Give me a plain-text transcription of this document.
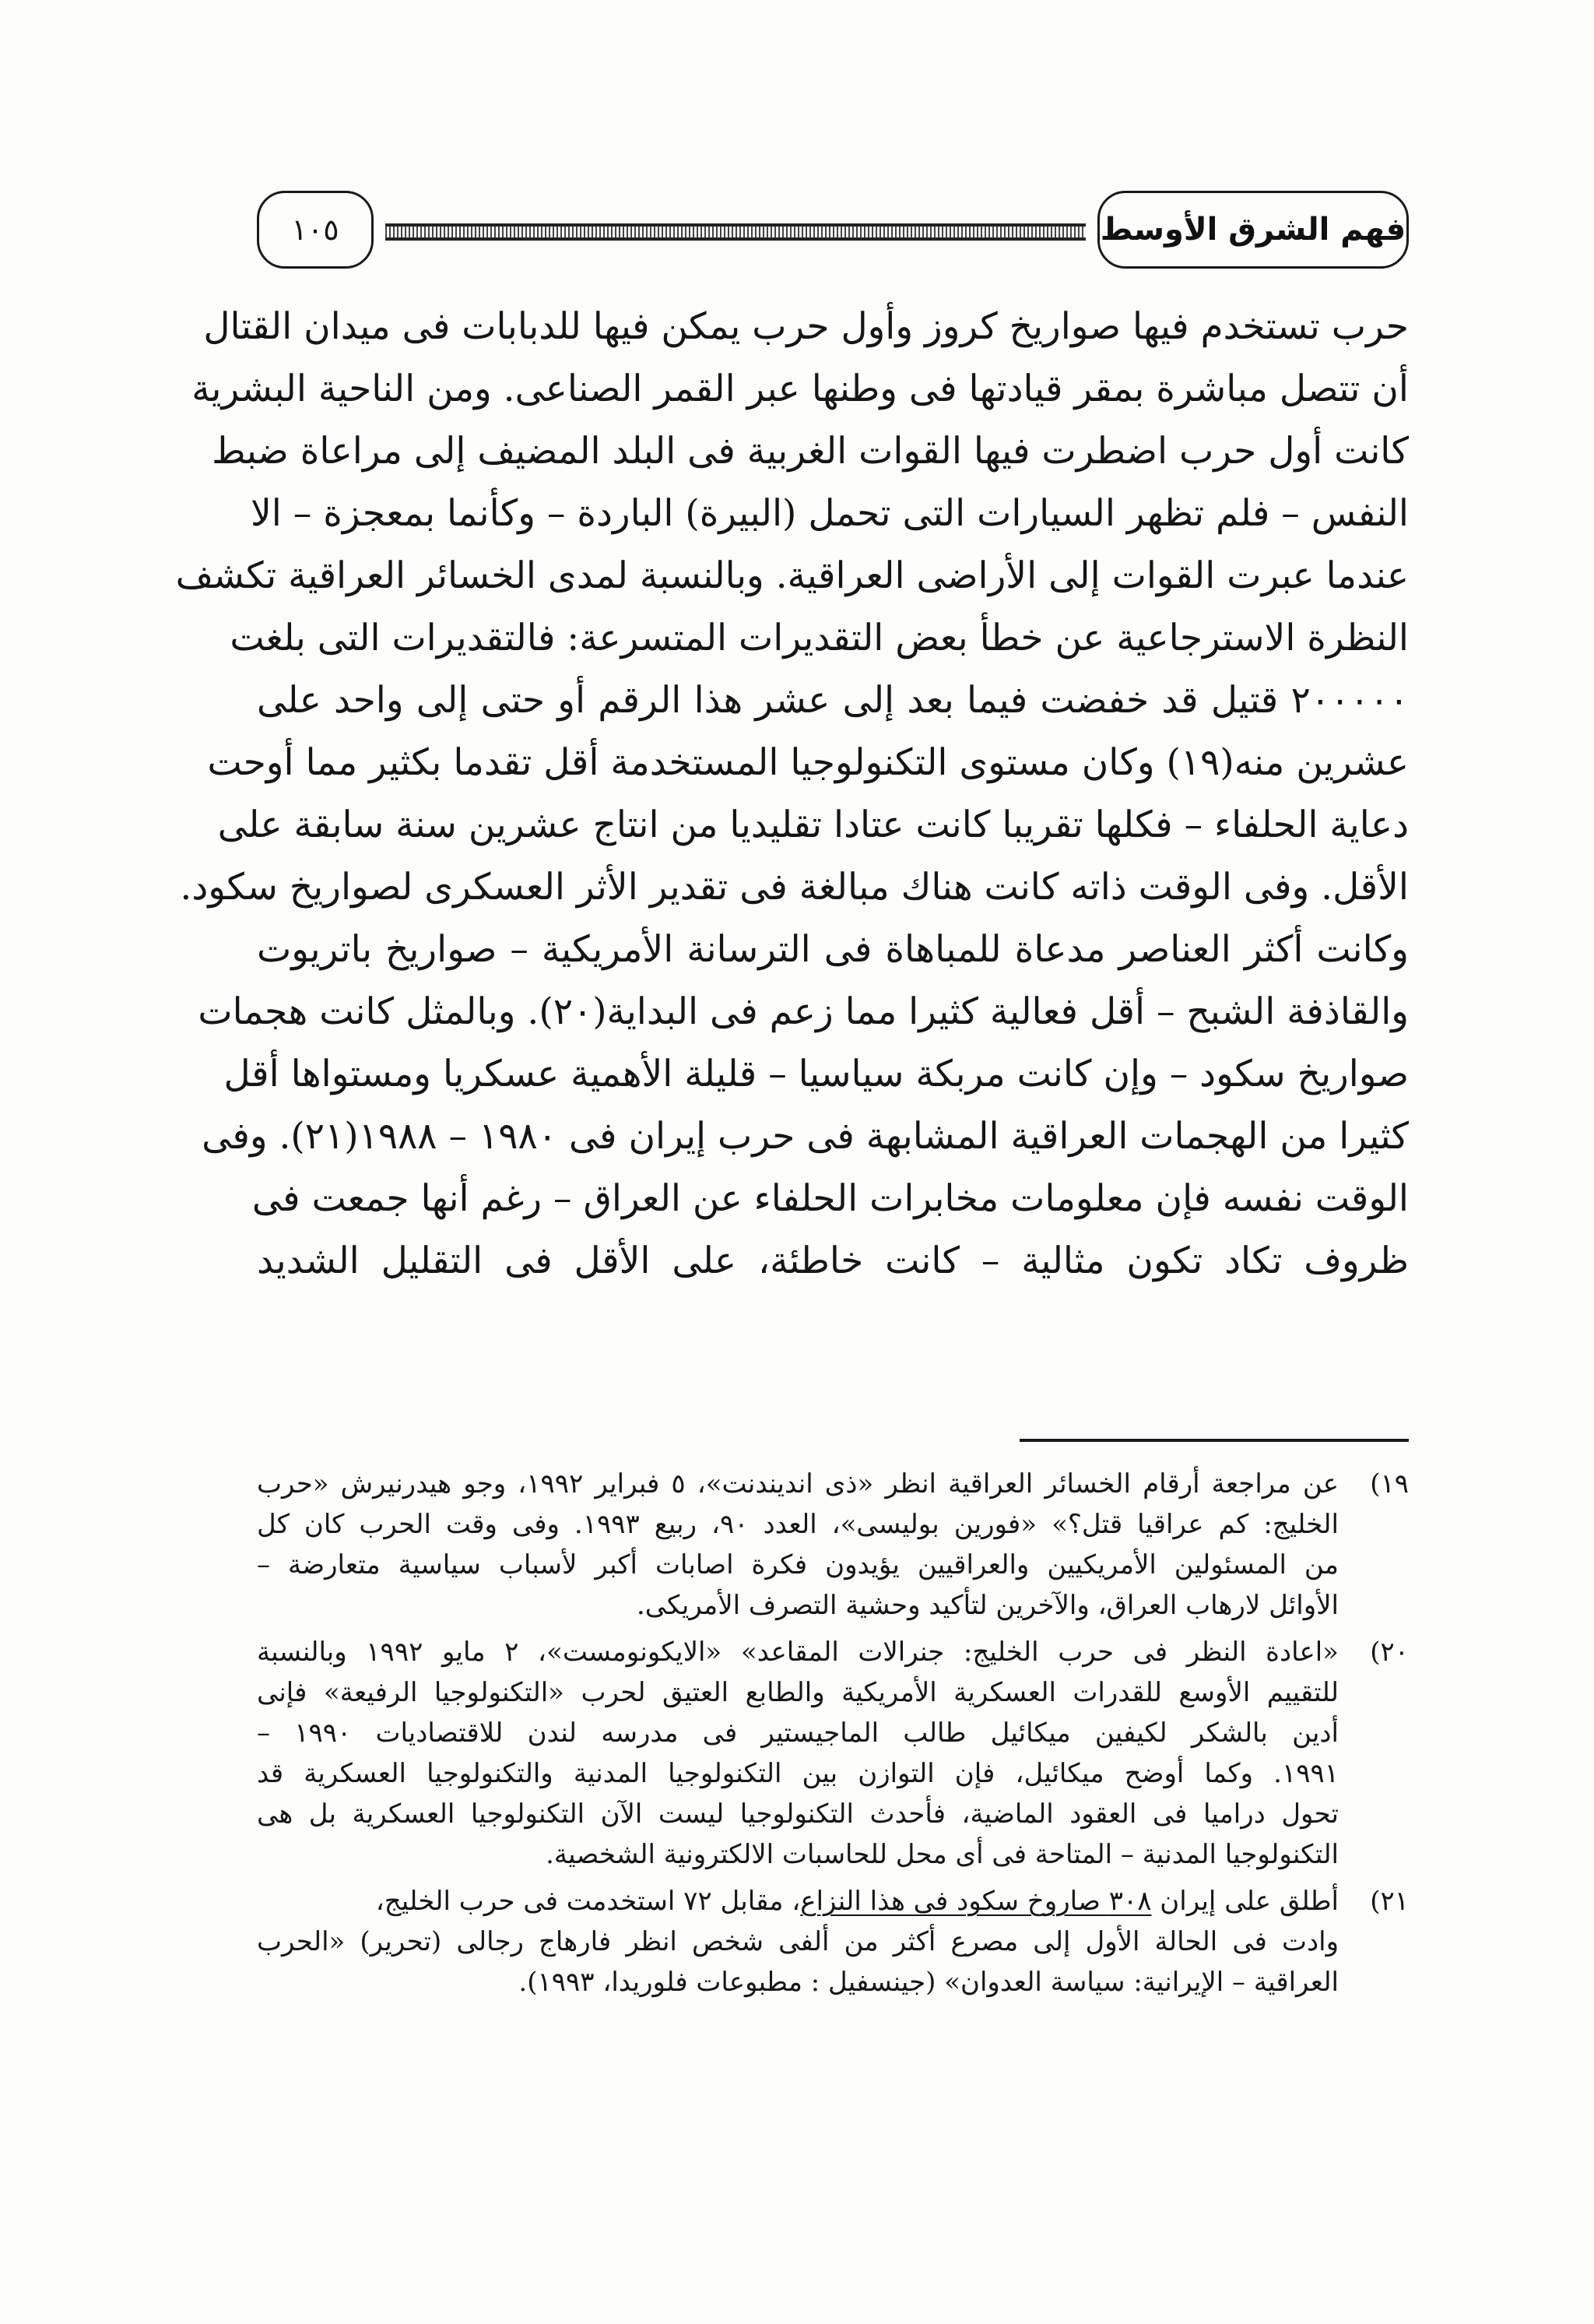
فهم الشرق الأوسط
١٠٥
حرب تستخدم فيها صواريخ كروز وأول حرب يمكن فيها للدبابات فى ميدان القتال
أن تتصل مباشرة بمقر قيادتها فى وطنها عبر القمر الصناعى. ومن الناحية البشرية
كانت أول حرب اضطرت فيها القوات الغربية فى البلد المضيف إلى مراعاة ضبط
النفس – فلم تظهر السيارات التى تحمل (البيرة) الباردة – وكأنما بمعجزة – الا
عندما عبرت القوات إلى الأراضى العراقية. وبالنسبة لمدى الخسائر العراقية تكشف
النظرة الاسترجاعية عن خطأ بعض التقديرات المتسرعة: فالتقديرات التى بلغت
٢٠٠٠٠٠ قتيل قد خفضت فيما بعد إلى عشر هذا الرقم أو حتى إلى واحد على
عشرين منه(١٩) وكان مستوى التكنولوجيا المستخدمة أقل تقدما بكثير مما أوحت
دعاية الحلفاء – فكلها تقريبا كانت عتادا تقليديا من انتاج عشرين سنة سابقة على
الأقل. وفى الوقت ذاته كانت هناك مبالغة فى تقدير الأثر العسكرى لصواريخ سكود.
وكانت أكثر العناصر مدعاة للمباهاة فى الترسانة الأمريكية – صواريخ باتريوت
والقاذفة الشبح – أقل فعالية كثيرا مما زعم فى البداية(٢٠). وبالمثل كانت هجمات
صواريخ سكود – وإن كانت مربكة سياسيا – قليلة الأهمية عسكريا ومستواها أقل
كثيرا من الهجمات العراقية المشابهة فى حرب إيران فى ١٩٨٠ – ١٩٨٨(٢١). وفى
الوقت نفسه فإن معلومات مخابرات الحلفاء عن العراق – رغم أنها جمعت فى
ظروف تكاد تكون مثالية – كانت خاطئة، على الأقل فى التقليل الشديد
١٩)
عن مراجعة أرقام الخسائر العراقية انظر «ذى انديندنت»، ٥ فبراير ١٩٩٢، وجو هيدرنيرش «حرب
الخليج: كم عراقيا قتل؟» «فورين بوليسى»، العدد ٩٠، ربيع ١٩٩٣. وفى وقت الحرب كان كل
من المسئولين الأمريكيين والعراقيين يؤيدون فكرة اصابات أكبر لأسباب سياسية متعارضة –
الأوائل لارهاب العراق، والآخرين لتأكيد وحشية التصرف الأمريكى.
٢٠)
«اعادة النظر فى حرب الخليج: جنرالات المقاعد» «الايكونومست»، ٢ مايو ١٩٩٢ وبالنسبة
للتقييم الأوسع للقدرات العسكرية الأمريكية والطابع العتيق لحرب «التكنولوجيا الرفيعة» فإنى
أدين بالشكر لكيفين ميكائيل طالب الماجيستير فى مدرسه لندن للاقتصاديات ١٩٩٠ –
١٩٩١. وكما أوضح ميكائيل، فإن التوازن بين التكنولوجيا المدنية والتكنولوجيا العسكرية قد
تحول دراميا فى العقود الماضية، فأحدث التكنولوجيا ليست الآن التكنولوجيا العسكرية بل هى
التكنولوجيا المدنية – المتاحة فى أى محل للحاسبات الالكترونية الشخصية.
٢١)
أطلق على إيران ٣٠٨ صاروخ سكود فى هذا النزاع، مقابل ٧٢ استخدمت فى حرب الخليج،
وادت فى الحالة الأول إلى مصرع أكثر من ألفى شخص انظر فارهاج رجالى (تحرير) «الحرب
العراقية – الإيرانية: سياسة العدوان» (جينسفيل : مطبوعات فلوريدا، ١٩٩٣).
